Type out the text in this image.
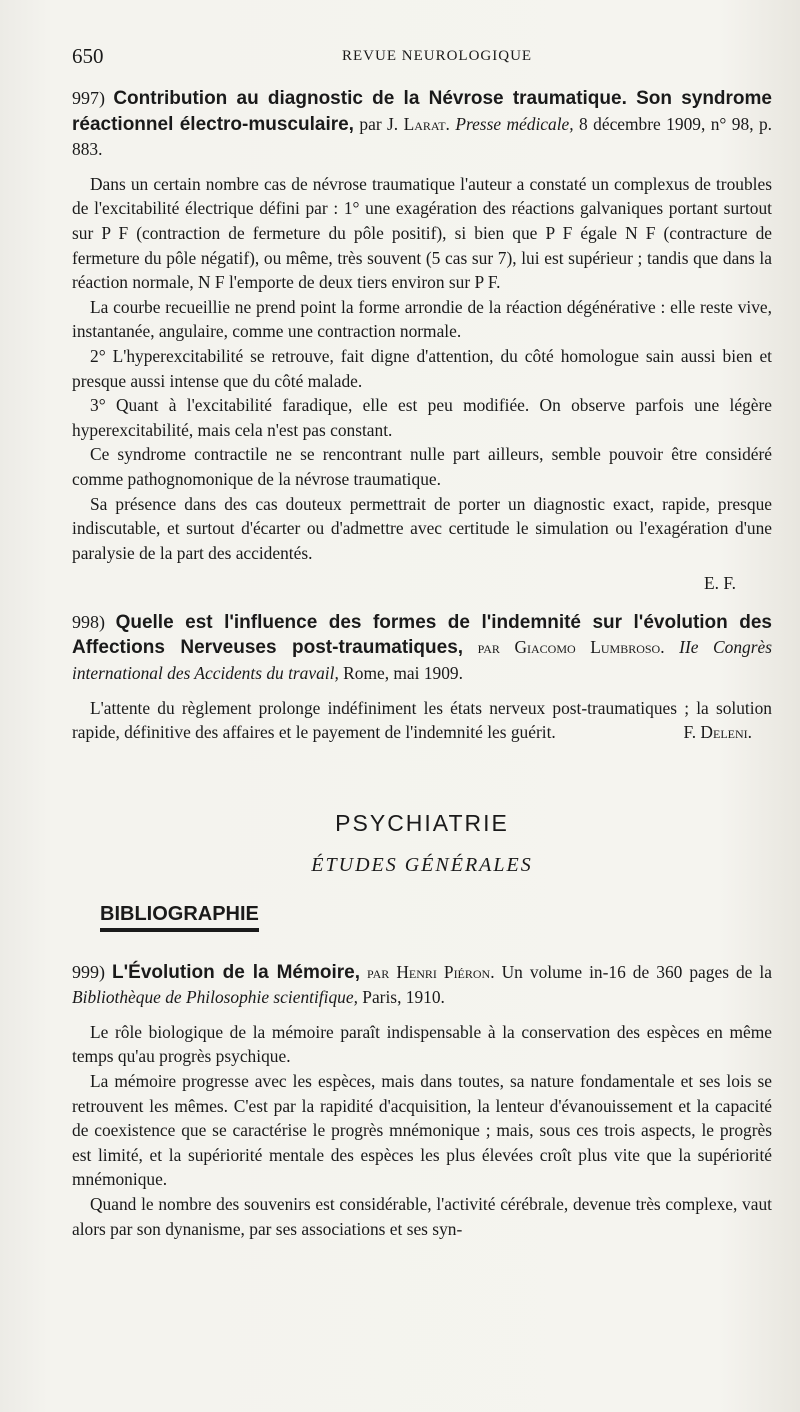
650	REVUE NEUROLOGIQUE

997) Contribution au diagnostic de la Névrose traumatique. Son syndrome réactionnel électro-musculaire, par J. Larat. Presse médicale, 8 décembre 1909, n° 98, p. 883.

Dans un certain nombre cas de névrose traumatique l'auteur a constaté un complexus de troubles de l'excitabilité électrique défini par : 1° une exagération des réactions galvaniques portant surtout sur P F (contraction de fermeture du pôle positif), si bien que P F égale N F (contracture de fermeture du pôle négatif), ou même, très souvent (5 cas sur 7), lui est supérieur ; tandis que dans la réaction normale, N F l'emporte de deux tiers environ sur P F.

La courbe recueillie ne prend point la forme arrondie de la réaction dégénérative : elle reste vive, instantanée, angulaire, comme une contraction normale.

2° L'hyperexcitabilité se retrouve, fait digne d'attention, du côté homologue sain aussi bien et presque aussi intense que du côté malade.

3° Quant à l'excitabilité faradique, elle est peu modifiée. On observe parfois une légère hyperexcitabilité, mais cela n'est pas constant.

Ce syndrome contractile ne se rencontrant nulle part ailleurs, semble pouvoir être considéré comme pathognomonique de la névrose traumatique.

Sa présence dans des cas douteux permettrait de porter un diagnostic exact, rapide, presque indiscutable, et surtout d'écarter ou d'admettre avec certitude le simulation ou l'exagération d'une paralysie de la part des accidentés.

E. F.

998) Quelle est l'influence des formes de l'indemnité sur l'évolution des Affections Nerveuses post-traumatiques, par Giacomo Lumbroso. IIe Congrès international des Accidents du travail, Rome, mai 1909.

L'attente du règlement prolonge indéfiniment les états nerveux post-traumatiques ; la solution rapide, définitive des affaires et le payement de l'indemnité les guérit.	F. Deleni.

PSYCHIATRIE
ÉTUDES GÉNÉRALES
BIBLIOGRAPHIE

999) L'Évolution de la Mémoire, par Henri Piéron. Un volume in-16 de 360 pages de la Bibliothèque de Philosophie scientifique, Paris, 1910.

Le rôle biologique de la mémoire paraît indispensable à la conservation des espèces en même temps qu'au progrès psychique.

La mémoire progresse avec les espèces, mais dans toutes, sa nature fondamentale et ses lois se retrouvent les mêmes. C'est par la rapidité d'acquisition, la lenteur d'évanouissement et la capacité de coexistence que se caractérise le progrès mnémonique ; mais, sous ces trois aspects, le progrès est limité, et la supériorité mentale des espèces les plus élevées croît plus vite que la supériorité mnémonique.

Quand le nombre des souvenirs est considérable, l'activité cérébrale, devenue très complexe, vaut alors par son dynanisme, par ses associations et ses syn-
